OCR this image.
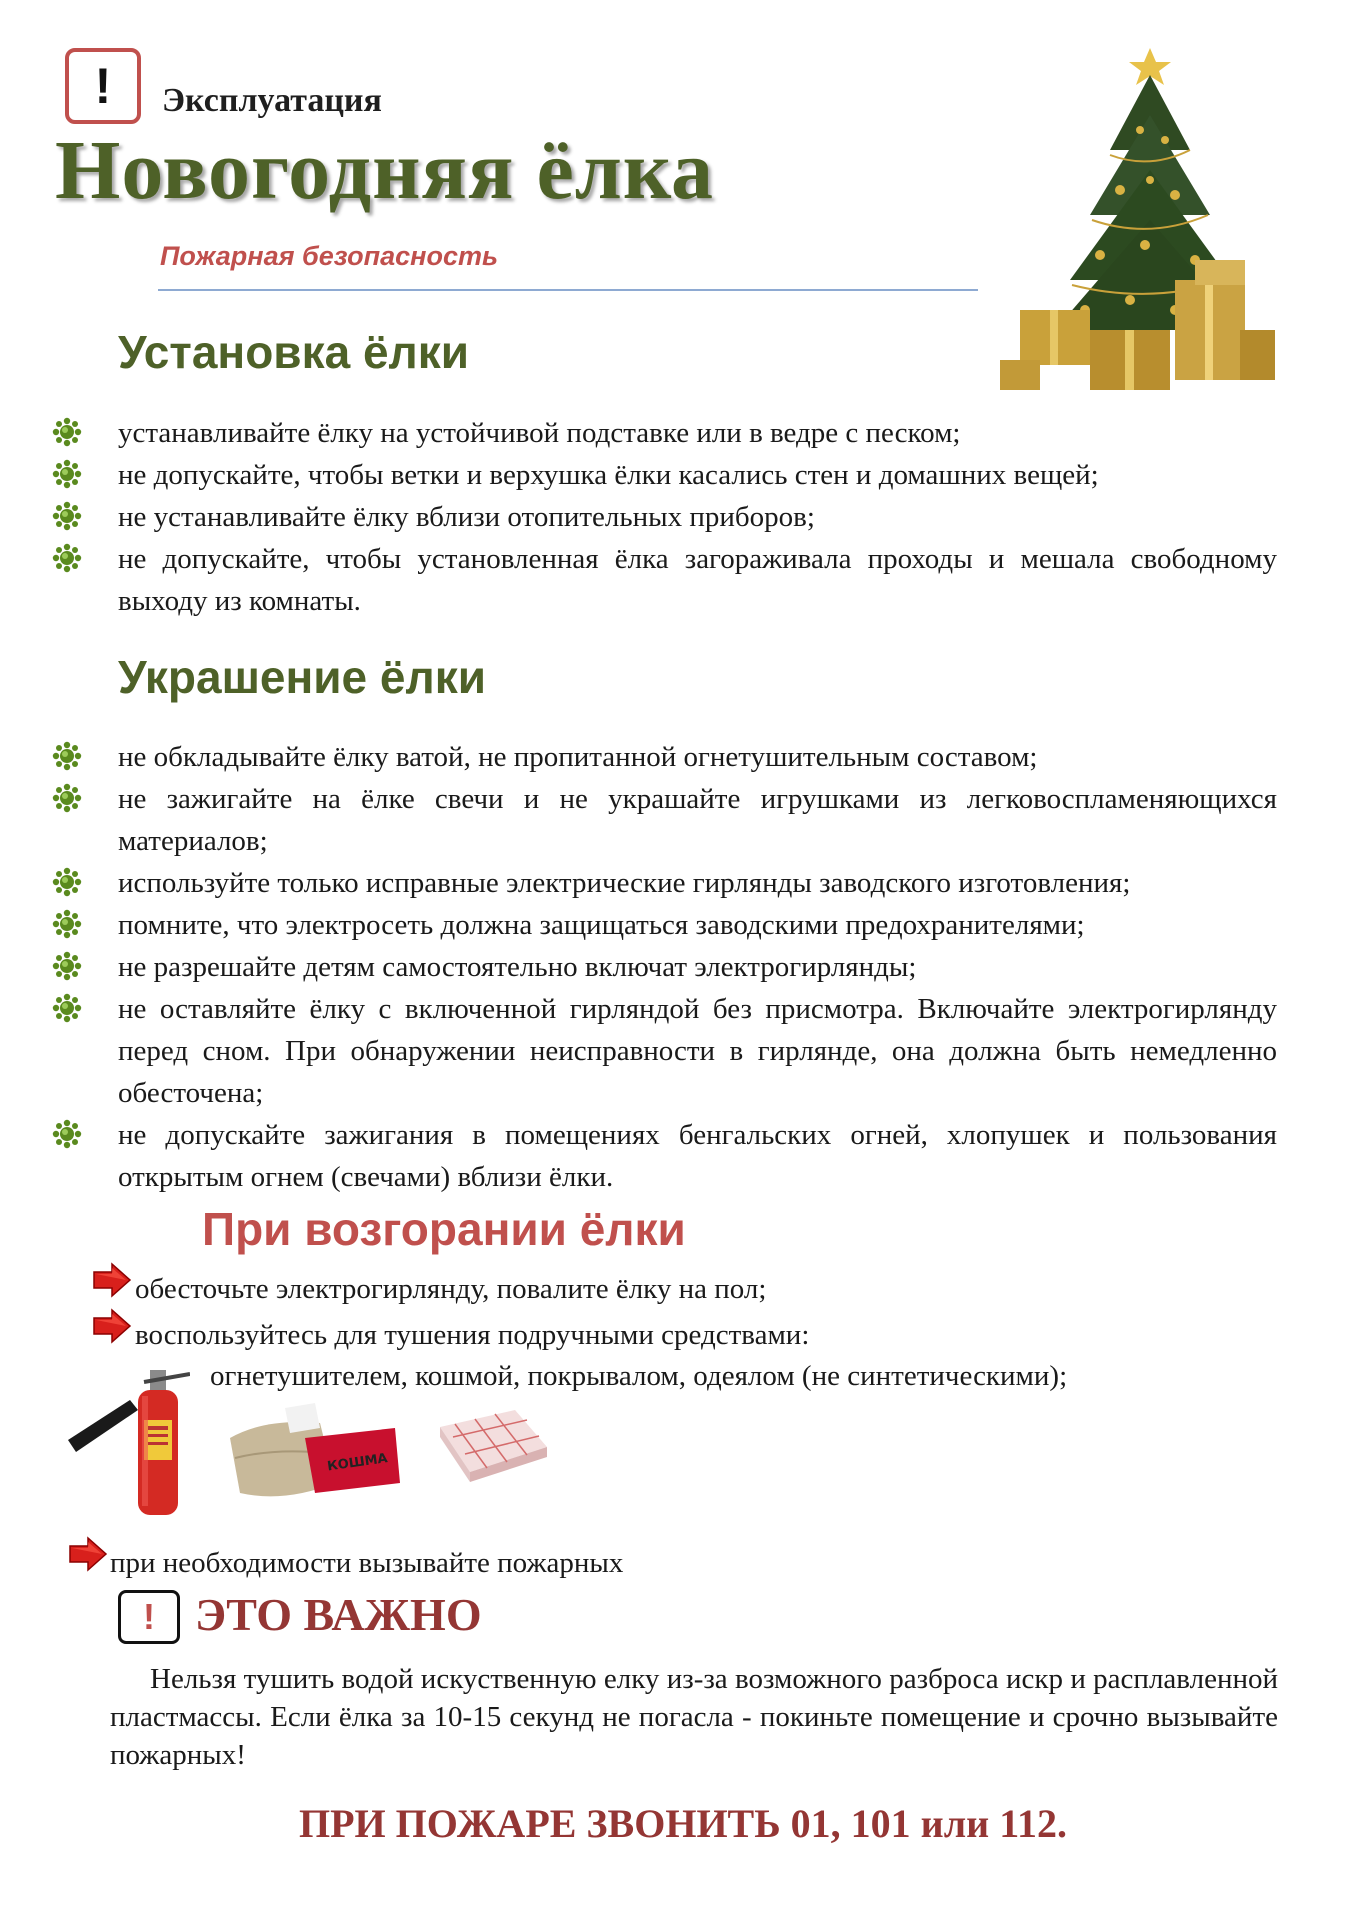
!	Эксплуатация
Новогодняя ёлка
Пожарная безопасность
Установка ёлки
устанавливайте ёлку на устойчивой подставке или в ведре с песком;
не допускайте, чтобы ветки и верхушка ёлки касались стен и домашних вещей;
не устанавливайте ёлку вблизи отопительных приборов;
не допускайте, чтобы установленная ёлка загораживала проходы и мешала свободному выходу из комнаты.
Украшение ёлки
не обкладывайте ёлку ватой, не пропитанной огнетушительным составом;
не зажигайте на ёлке свечи и не украшайте игрушками из легковоспламеняющихся материалов;
используйте только исправные электрические гирлянды заводского изготовления;
помните, что электросеть должна защищаться заводскими предохранителями;
не разрешайте детям самостоятельно включат электрогирлянды;
не оставляйте ёлку с включенной гирляндой без присмотра. Включайте электрогирлянду перед сном. При обнаружении неисправности в гирлянде, она должна быть немедленно обесточена;
не допускайте зажигания в помещениях бенгальских огней, хлопушек и пользования открытым огнем (свечами) вблизи ёлки.
При возгорании ёлки
обесточьте электрогирлянду, повалите ёлку на пол;
воспользуйтесь для тушения подручными средствами:
огнетушителем, кошмой, покрывалом, одеялом (не синтетическими);
КОШМА
при необходимости вызывайте пожарных
! ЭТО ВАЖНО
Нельзя тушить водой искуственную елку из-за возможного разброса искр и расплавленной пластмассы. Если ёлка за 10-15 секунд не погасла - покиньте помещение и срочно вызывайте пожарных!
ПРИ ПОЖАРЕ ЗВОНИТЬ 01, 101 или 112.
